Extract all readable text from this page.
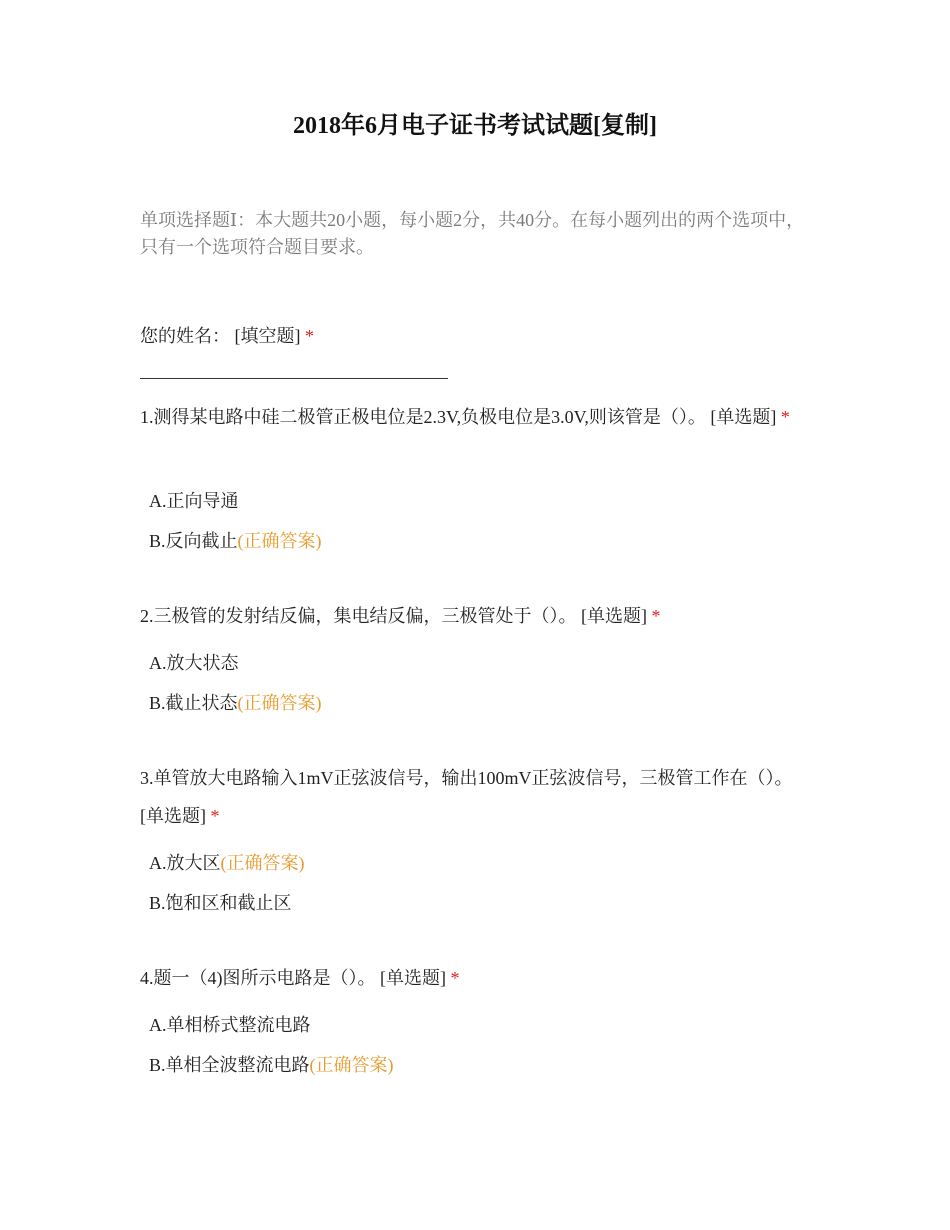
2018年6月电子证书考试试题[复制]
单项选择题Ⅰ：本大题共20小题，每小题2分，共40分。在每小题列出的两个选项中，只有一个选项符合题目要求。
您的姓名： [填空题] *
1.测得某电路中硅二极管正极电位是2.3V,负极电位是3.0V,则该管是（）。 [单选题] *
A.正向导通
B.反向截止(正确答案)
2.三极管的发射结反偏，集电结反偏，三极管处于（）。 [单选题] *
A.放大状态
B.截止状态(正确答案)
3.单管放大电路输入1mV正弦波信号，输出100mV正弦波信号，三极管工作在（）。 [单选题] *
A.放大区(正确答案)
B.饱和区和截止区
4.题一（4)图所示电路是（）。 [单选题] *
A.单相桥式整流电路
B.单相全波整流电路(正确答案)
